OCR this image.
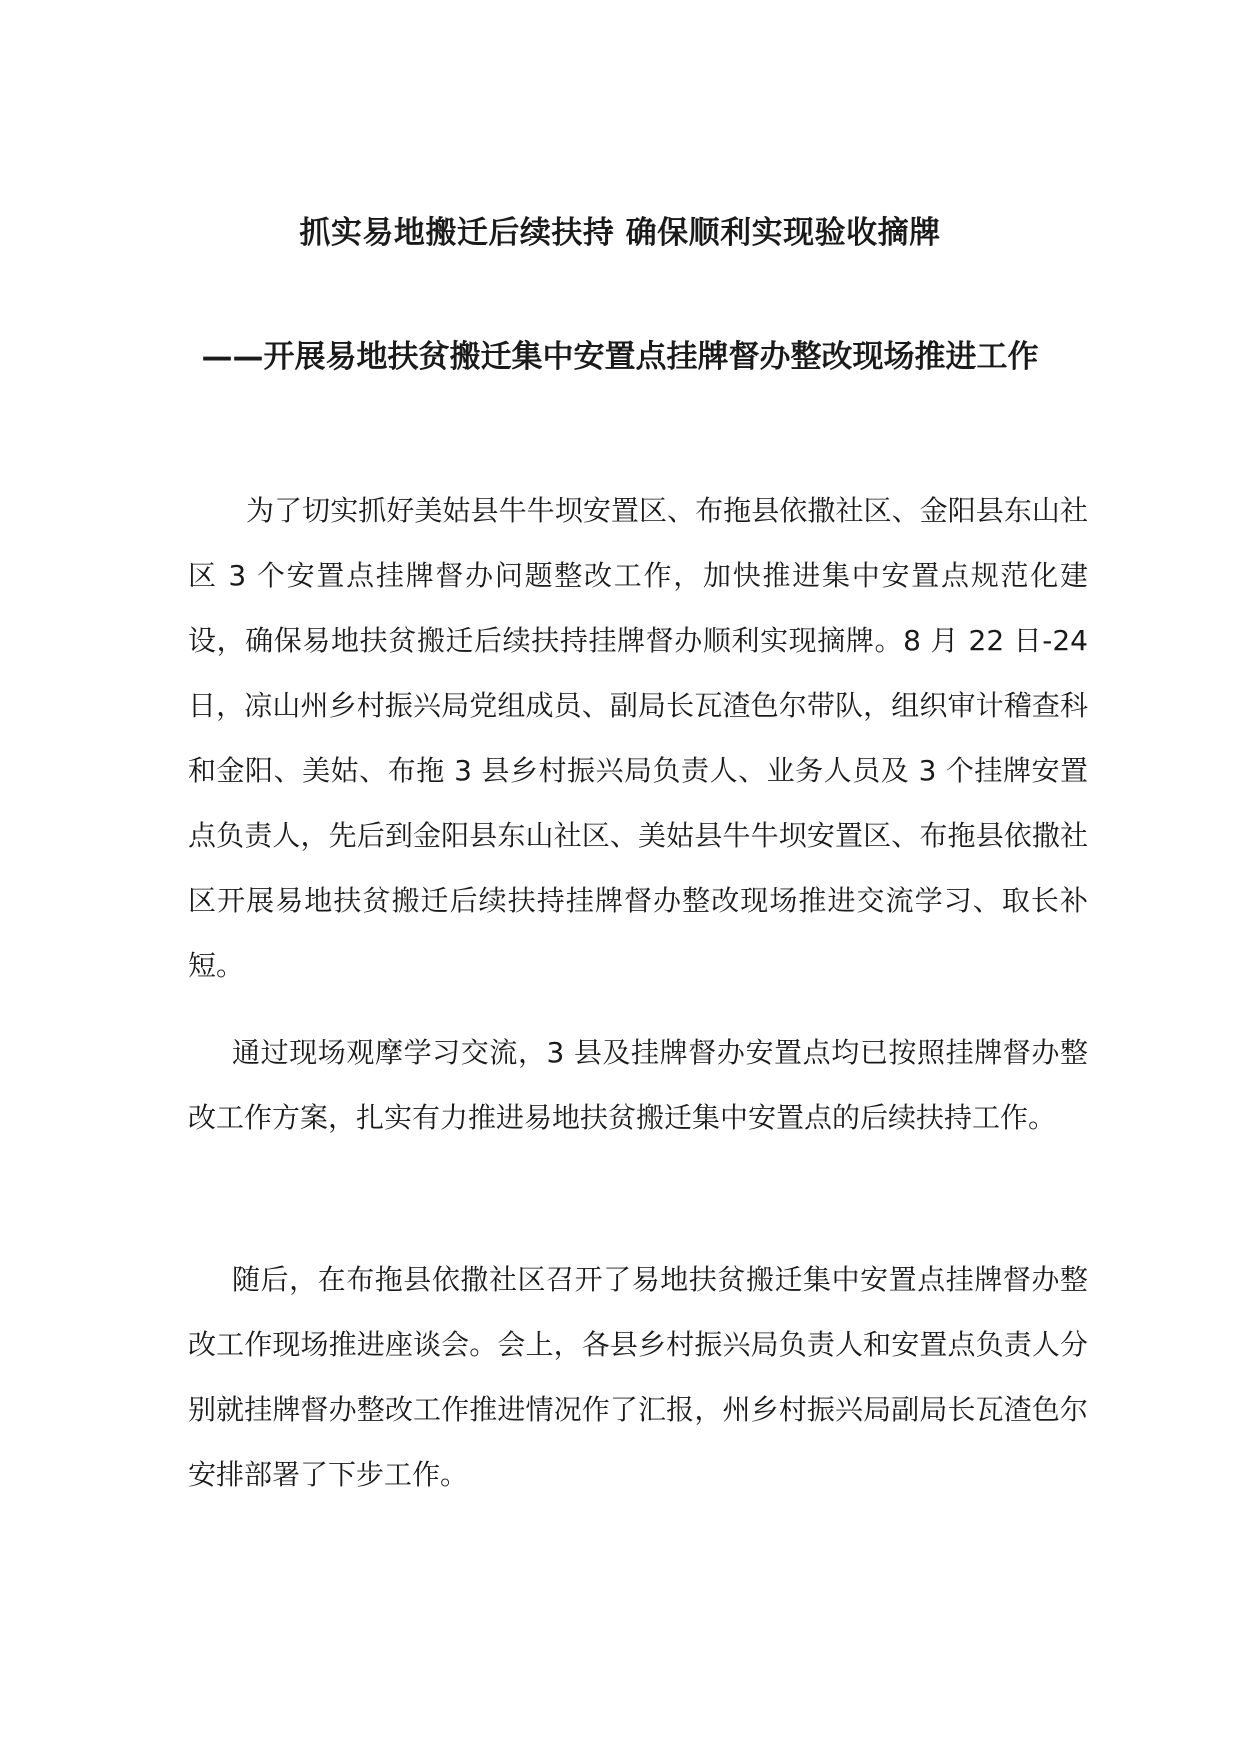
抓实易地搬迁后续扶持 确保顺利实现验收摘牌
——开展易地扶贫搬迁集中安置点挂牌督办整改现场推进工作

为了切实抓好美姑县牛牛坝安置区、布拖县依撒社区、金阳县东山社区 3 个安置点挂牌督办问题整改工作，加快推进集中安置点规范化建设，确保易地扶贫搬迁后续扶持挂牌督办顺利实现摘牌。8 月 22 日-24 日，凉山州乡村振兴局党组成员、副局长瓦渣色尔带队，组织审计稽查科和金阳、美姑、布拖 3 县乡村振兴局负责人、业务人员及 3 个挂牌安置点负责人，先后到金阳县东山社区、美姑县牛牛坝安置区、布拖县依撒社区开展易地扶贫搬迁后续扶持挂牌督办整改现场推进交流学习、取长补短。

通过现场观摩学习交流，3 县及挂牌督办安置点均已按照挂牌督办整改工作方案，扎实有力推进易地扶贫搬迁集中安置点的后续扶持工作。

随后，在布拖县依撒社区召开了易地扶贫搬迁集中安置点挂牌督办整改工作现场推进座谈会。会上，各县乡村振兴局负责人和安置点负责人分别就挂牌督办整改工作推进情况作了汇报，州乡村振兴局副局长瓦渣色尔安排部署了下步工作。
